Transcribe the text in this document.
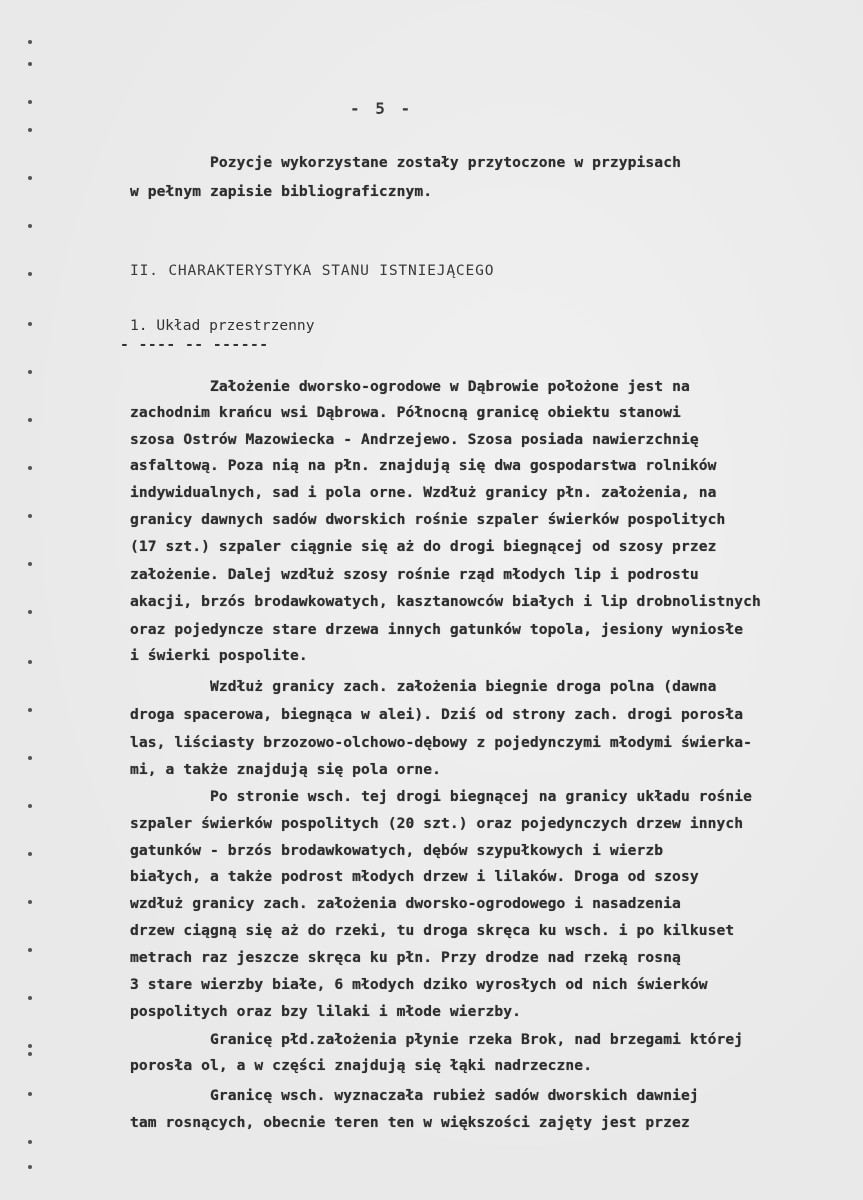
- 5 -
Pozycje wykorzystane zostały przytoczone w przypisach
w pełnym zapisie bibliograficznym.
II. CHARAKTERYSTYKA STANU ISTNIEJĄCEGO
1. Układ przestrzenny
- ---- -- ------
Założenie dworsko-ogrodowe w Dąbrowie położone jest na
zachodnim krańcu wsi Dąbrowa. Północną granicę obiektu stanowi
szosa Ostrów Mazowiecka - Andrzejewo. Szosa posiada nawierzchnię
asfaltową. Poza nią na płn. znajdują się dwa gospodarstwa rolników
indywidualnych, sad i pola orne. Wzdłuż granicy płn. założenia, na
granicy dawnych sadów dworskich rośnie szpaler świerków pospolitych
(17 szt.) szpaler ciągnie się aż do drogi biegnącej od szosy przez
założenie. Dalej wzdłuż szosy rośnie rząd młodych lip i podrostu
akacji, brzós brodawkowatych, kasztanowców białych i lip drobnolistnych
oraz pojedyncze stare drzewa innych gatunków topola, jesiony wyniosłe
i świerki pospolite.
Wzdłuż granicy zach. założenia biegnie droga polna (dawna
droga spacerowa, biegnąca w alei). Dziś od strony zach. drogi porosła
las, liściasty brzozowo-olchowo-dębowy z pojedynczymi młodymi świerka-
mi, a także znajdują się pola orne.
Po stronie wsch. tej drogi biegnącej na granicy układu rośnie
szpaler świerków pospolitych (20 szt.) oraz pojedynczych drzew innych
gatunków - brzós brodawkowatych, dębów szypułkowych i wierzb
białych, a także podrost młodych drzew i lilaków. Droga od szosy
wzdłuż granicy zach. założenia dworsko-ogrodowego i nasadzenia
drzew ciągną się aż do rzeki, tu droga skręca ku wsch. i po kilkuset
metrach raz jeszcze skręca ku płn. Przy drodze nad rzeką rosną
3 stare wierzby białe, 6 młodych dziko wyrosłych od nich świerków
pospolitych oraz bzy lilaki i młode wierzby.
Granicę płd.założenia płynie rzeka Brok, nad brzegami której
porosła ol, a w części znajdują się łąki nadrzeczne.
Granicę wsch. wyznaczała rubież sadów dworskich dawniej
tam rosnących, obecnie teren ten w większości zajęty jest przez
